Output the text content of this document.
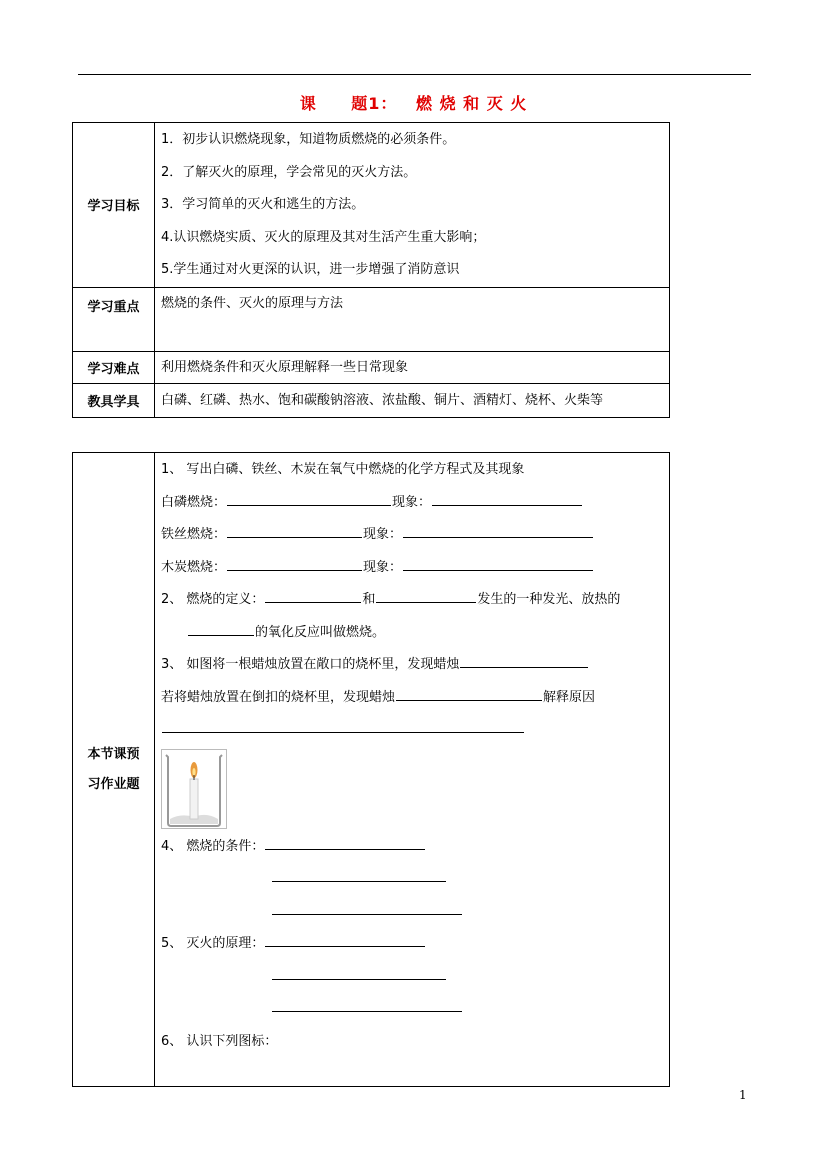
课 题1： 燃 烧 和 灭 火
学习目标	1．初步认识燃烧现象，知道物质燃烧的必须条件。
2．了解灭火的原理，学会常见的灭火方法。
3．学习简单的灭火和逃生的方法。
4.认识燃烧实质、灭火的原理及其对生活产生重大影响；
5.学生通过对火更深的认识，进一步增强了消防意识

学习重点	燃烧的条件、灭火的原理与方法

学习难点	利用燃烧条件和灭火原理解释一些日常现象

教具学具	白磷、红磷、热水、饱和碳酸钠溶液、浓盐酸、铜片、酒精灯、烧杯、火柴等
本节课预
习作业题

1、 写出白磷、铁丝、木炭在氧气中燃烧的化学方程式及其现象
白磷燃烧：	现象：
铁丝燃烧：	现象：
木炭燃烧：	现象：
2、 燃烧的定义：	和	发生的一种发光、放热的
的氧化反应叫做燃烧。
3、 如图将一根蜡烛放置在敞口的烧杯里，发现蜡烛
若将蜡烛放置在倒扣的烧杯里，发现蜡烛	解释原因
4、 燃烧的条件：
5、 灭火的原理：
6、 认识下列图标：
1
